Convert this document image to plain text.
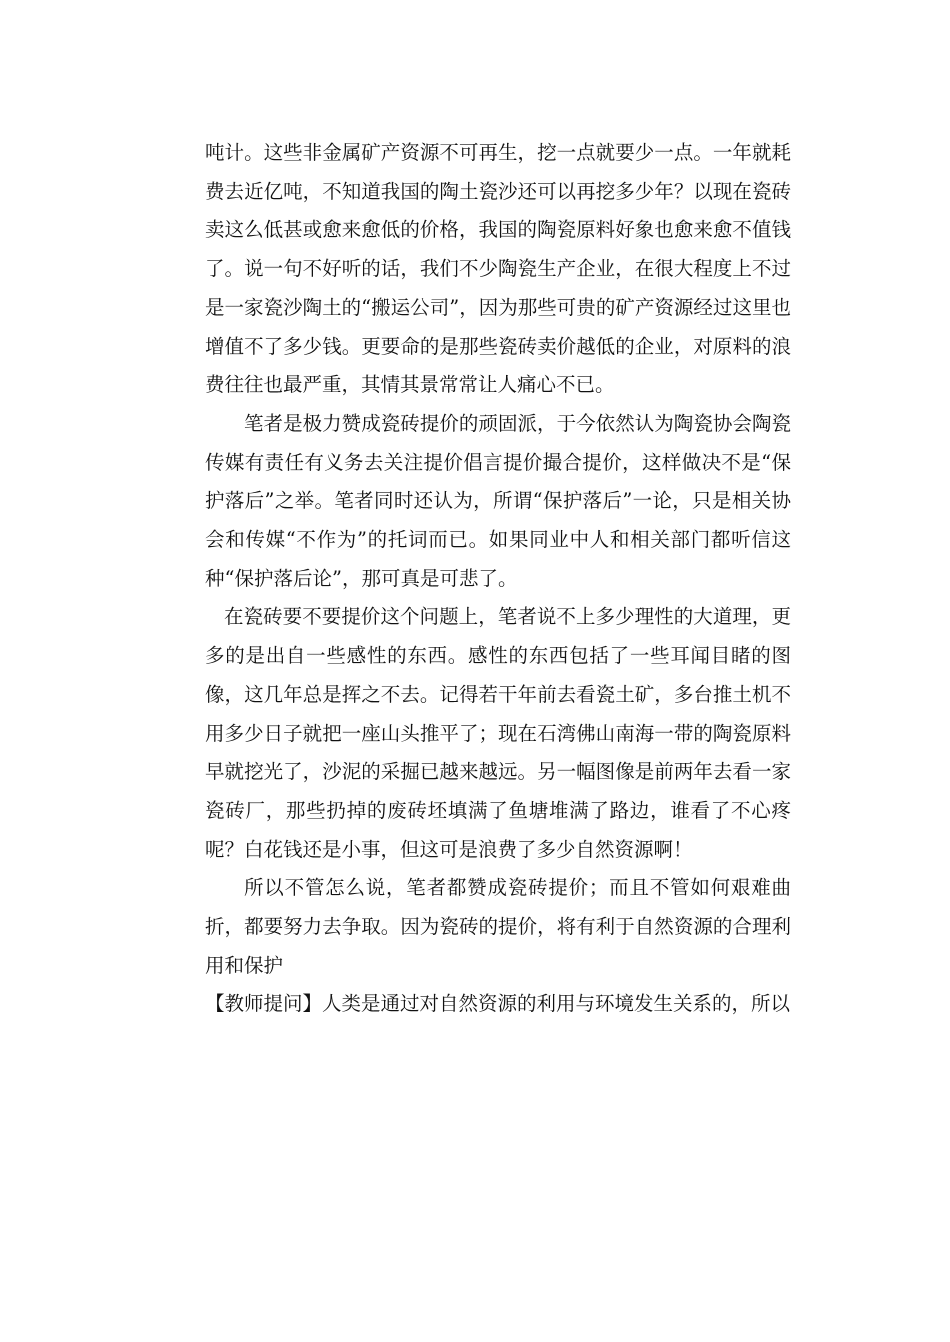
吨计。这些非金属矿产资源不可再生，挖一点就要少一点。一年就耗费去近亿吨，不知道我国的陶土瓷沙还可以再挖多少年？以现在瓷砖卖这么低甚或愈来愈低的价格，我国的陶瓷原料好象也愈来愈不值钱了。说一句不好听的话，我们不少陶瓷生产企业，在很大程度上不过是一家瓷沙陶土的“搬运公司”，因为那些可贵的矿产资源经过这里也增值不了多少钱。更要命的是那些瓷砖卖价越低的企业，对原料的浪费往往也最严重，其情其景常常让人痛心不已。

笔者是极力赞成瓷砖提价的顽固派，于今依然认为陶瓷协会陶瓷传媒有责任有义务去关注提价倡言提价撮合提价，这样做决不是“保护落后”之举。笔者同时还认为，所谓“保护落后”一论，只是相关协会和传媒“不作为”的托词而已。如果同业中人和相关部门都听信这种“保护落后论”，那可真是可悲了。

在瓷砖要不要提价这个问题上，笔者说不上多少理性的大道理，更多的是出自一些感性的东西。感性的东西包括了一些耳闻目睹的图像，这几年总是挥之不去。记得若干年前去看瓷土矿，多台推土机不用多少日子就把一座山头推平了；现在石湾佛山南海一带的陶瓷原料早就挖光了，沙泥的采掘已越来越远。另一幅图像是前两年去看一家瓷砖厂，那些扔掉的废砖坯填满了鱼塘堆满了路边，谁看了不心疼呢？白花钱还是小事，但这可是浪费了多少自然资源啊！

所以不管怎么说，笔者都赞成瓷砖提价；而且不管如何艰难曲折，都要努力去争取。因为瓷砖的提价，将有利于自然资源的合理利用和保护

【教师提问】人类是通过对自然资源的利用与环境发生关系的，所以
